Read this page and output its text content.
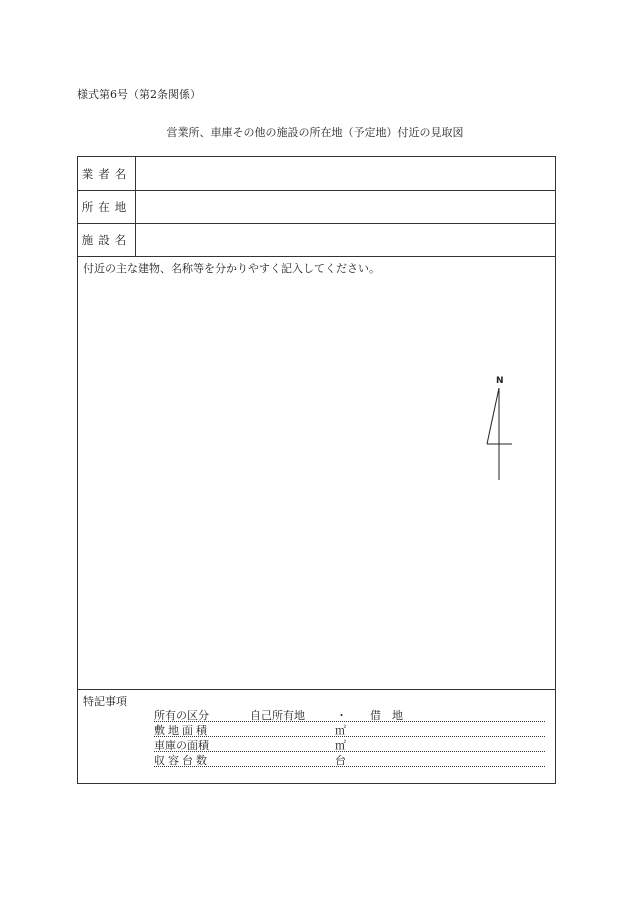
様式第6号（第2条関係）
営業所、車庫その他の施設の所在地（予定地）付近の見取図
業者名
所在地
施設名
付近の主な建物、名称等を分かりやすく記入してください。
N
特記事項
所有の区分	自己所有地	・ 借　地
敷地面積	㎡
車庫の面積	㎡
収容台数	台
